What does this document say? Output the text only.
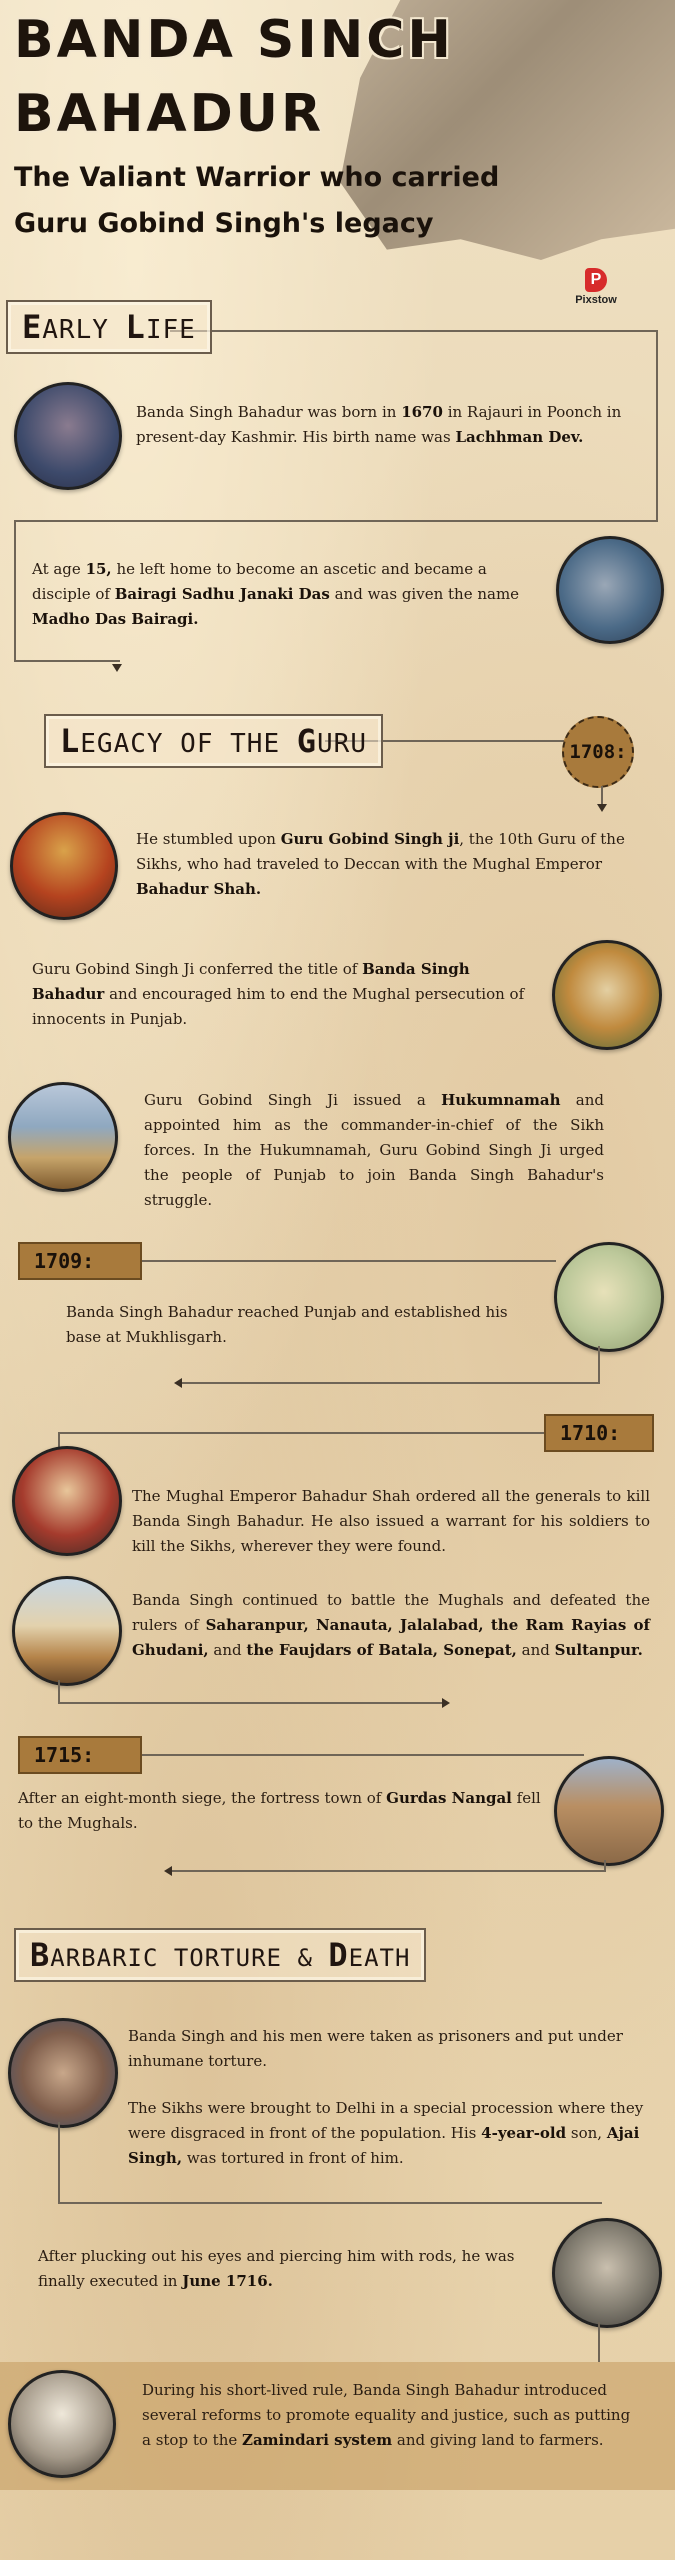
BANDA SINCH
BAHADUR
The Valiant Warrior who carried
Guru Gobind Singh's legacy
P
Pixstow
EARLY LIFE
Banda Singh Bahadur was born in 1670 in Rajauri in Poonch in present-day Kashmir. His birth name was Lachhman Dev.
At age 15, he left home to become an ascetic and became a disciple of Bairagi Sadhu Janaki Das and was given the name Madho Das Bairagi.
LEGACY OF THE GURU	1708:
He stumbled upon Guru Gobind Singh ji, the 10th Guru of the Sikhs, who had traveled to Deccan with the Mughal Emperor Bahadur Shah.
Guru Gobind Singh Ji conferred the title of Banda Singh Bahadur and encouraged him to end the Mughal persecution of innocents in Punjab.
Guru Gobind Singh Ji issued a Hukumnamah and appointed him as the commander-in-chief of the Sikh forces. In the Hukumnamah, Guru Gobind Singh Ji urged the people of Punjab to join Banda Singh Bahadur's struggle.
1709:
Banda Singh Bahadur reached Punjab and established his base at Mukhlisgarh.
1710:
The Mughal Emperor Bahadur Shah ordered all the generals to kill Banda Singh Bahadur. He also issued a warrant for his soldiers to kill the Sikhs, wherever they were found.
Banda Singh continued to battle the Mughals and defeated the rulers of Saharanpur, Nanauta, Jalalabad, the Ram Rayias of Ghudani, and the Faujdars of Batala, Sonepat, and Sultanpur.
1715:
After an eight-month siege, the fortress town of Gurdas Nangal fell to the Mughals.
BARBARIC TORTURE & DEATH
Banda Singh and his men were taken as prisoners and put under inhumane torture.
The Sikhs were brought to Delhi in a special procession where they were disgraced in front of the population. His 4-year-old son, Ajai Singh, was tortured in front of him.
After plucking out his eyes and piercing him with rods, he was finally executed in June 1716.
During his short-lived rule, Banda Singh Bahadur introduced several reforms to promote equality and justice, such as putting a stop to the Zamindari system and giving land to farmers.
